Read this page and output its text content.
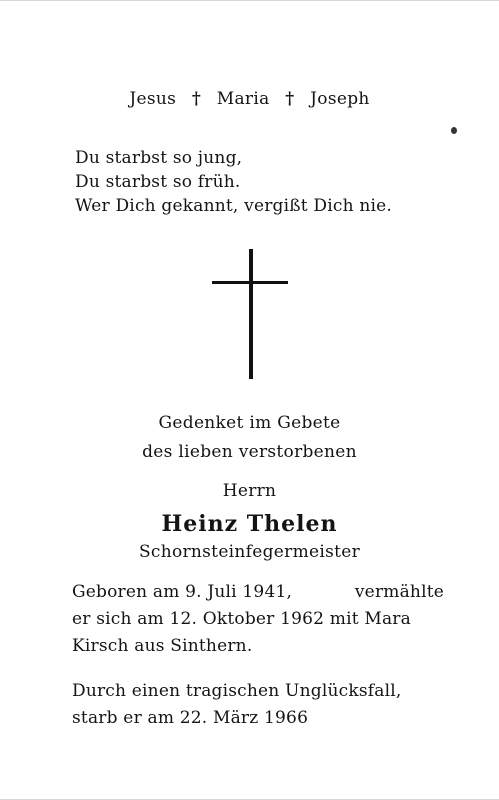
Jesus † Maria † Joseph
Du starbst so jung,
Du starbst so früh.
Wer Dich gekannt, vergißt Dich nie.
Gedenket im Gebete
des lieben verstorbenen
Herrn
Heinz Thelen
Schornsteinfegermeister
Geboren am 9. Juli 1941,	vermählte
er sich am 12. Oktober 1962 mit Mara
Kirsch aus Sinthern.
Durch einen tragischen Unglücksfall,
starb er am 22. März 1966
